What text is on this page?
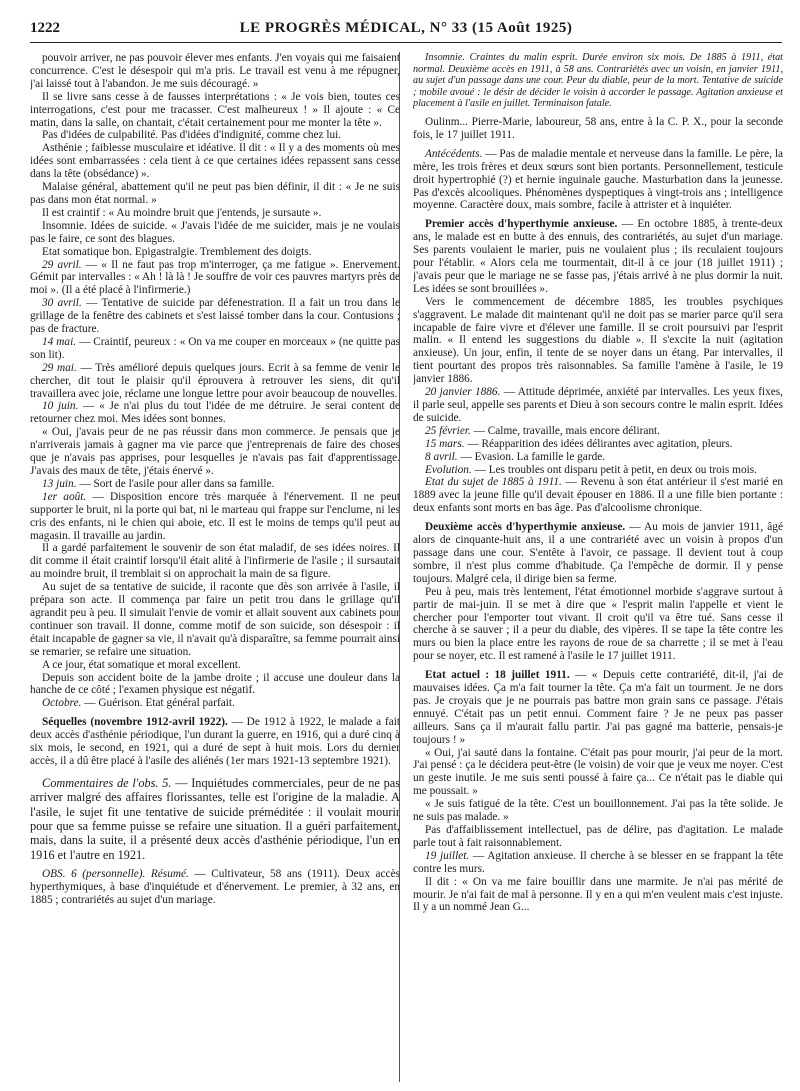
1222	LE PROGRÈS MÉDICAL, N° 33 (15 Août 1925)

pouvoir arriver, ne pas pouvoir élever mes enfants. J'en voyais qui me faisaient concurrence. C'est le désespoir qui m'a pris. Le travail est venu à me répugner, j'ai laissé tout à l'abandon. Je me suis découragé. »

Il se livre sans cesse à de fausses interprétations : « Je vois bien, toutes ces interrogations, c'est pour me tracasser. C'est malheureux ! » Il ajoute : « Ce matin, dans la salle, on chantait, c'était certainement pour me monter la tête ».

Pas d'idées de culpabilité. Pas d'idées d'indignité, comme chez lui.

Asthénie ; faiblesse musculaire et idéative. Il dit : « Il y a des moments où mes idées sont embarrassées : cela tient à ce que certaines idées repassent sans cesse dans la tête (obsédance) ».

Malaise général, abattement qu'il ne peut pas bien définir, il dit : « Je ne suis pas dans mon état normal. »

Il est craintif : « Au moindre bruit que j'entends, je sursaute ».

Insomnie. Idées de suicide. « J'avais l'idée de me suicider, mais je ne voulais pas le faire, ce sont des blagues.

Etat somatique bon. Epigastralgie. Tremblement des doigts.

29 avril. — « Il ne faut pas trop m'interroger, ça me fatigue ». Enervement. Gémit par intervalles : « Ah ! là là ! Je souffre de voir ces pauvres martyrs près de moi ». (Il a été placé à l'infirmerie.)

30 avril. — Tentative de suicide par défenestration. Il a fait un trou dans le grillage de la fenêtre des cabinets et s'est laissé tomber dans la cour. Contusions ; pas de fracture.

14 mai. — Craintif, peureux : « On va me couper en morceaux » (ne quitte pas son lit).

29 mai. — Très amélioré depuis quelques jours. Ecrit à sa femme de venir le chercher, dit tout le plaisir qu'il éprouvera à retrouver les siens, dit qu'il travaillera avec joie, réclame une longue lettre pour avoir beaucoup de nouvelles.

10 juin. — « Je n'ai plus du tout l'idée de me détruire. Je serai content de retourner chez moi. Mes idées sont bonnes.

« Oui, j'avais peur de ne pas réussir dans mon commerce. Je pensais que je n'arriverais jamais à gagner ma vie parce que j'entreprenais de faire des choses que je n'avais pas apprises, pour lesquelles je n'avais pas fait d'apprentissage. J'avais des maux de tête, j'étais énervé ».

13 juin. — Sort de l'asile pour aller dans sa famille.

1er août. — Disposition encore très marquée à l'énervement. Il ne peut supporter le bruit, ni la porte qui bat, ni le marteau qui frappe sur l'enclume, ni les cris des enfants, ni le chien qui aboie, etc. Il est le moins de temps qu'il peut au magasin. Il travaille au jardin.

Il a gardé parfaitement le souvenir de son état maladif, de ses idées noires. Il dit comme il était craintif lorsqu'il était alité à l'infirmerie de l'asile ; il sursautait au moindre bruit, il tremblait si on approchait la main de sa figure.

Au sujet de sa tentative de suicide, il raconte que dès son arrivée à l'asile, il prépara son acte. Il commença par faire un petit trou dans le grillage qu'il agrandit peu à peu. Il simulait l'envie de vomir et allait souvent aux cabinets pour continuer son travail. Il donne, comme motif de son suicide, son désespoir : il était incapable de gagner sa vie, il n'avait qu'à disparaître, sa femme pourrait ainsi se remarier, se refaire une situation.

A ce jour, état somatique et moral excellent.

Depuis son accident boite de la jambe droite ; il accuse une douleur dans la hanche de ce côté ; l'examen physique est négatif.

Octobre. — Guérison. Etat général parfait.

Séquelles (novembre 1912-avril 1922). — De 1912 à 1922, le malade a fait deux accès d'asthénie périodique, l'un durant la guerre, en 1916, qui a duré cinq à six mois, le second, en 1921, qui a duré de sept à huit mois. Lors du dernier accès, il a dû être placé à l'asile des aliénés (1er mars 1921-13 septembre 1921).

Commentaires de l'obs. 5. — Inquiétudes commerciales, peur de ne pas arriver malgré des affaires florissantes, telle est l'origine de la maladie. A l'asile, le sujet fit une tentative de suicide préméditée : il voulait mourir pour que sa femme puisse se refaire une situation. Il a guéri parfaitement, mais, dans la suite, il a présenté deux accès d'asthénie périodique, l'un en 1916 et l'autre en 1921.

OBS. 6 (personnelle). Résumé. — Cultivateur, 58 ans (1911). Deux accès hyperthymiques, à base d'inquiétude et d'énervement. Le premier, à 32 ans, en 1885 ; contrariétés au sujet d'un mariage.

Insomnie. Craintes du malin esprit. Durée environ six mois. De 1885 à 1911, état normal. Deuxième accès en 1911, à 58 ans. Contrariétés avec un voisin, en janvier 1911, au sujet d'un passage dans une cour. Peur du diable, peur de la mort. Tentative de suicide ; mobile avoué : le désir de décider le voisin à accorder le passage. Agitation anxieuse et placement à l'asile en juillet. Terminaison fatale.

Oulinm... Pierre-Marie, laboureur, 58 ans, entre à la C. P. X., pour la seconde fois, le 17 juillet 1911.

Antécédents. — Pas de maladie mentale et nerveuse dans la famille. Le père, la mère, les trois frères et deux sœurs sont bien portants. Personnellement, testicule droit hypertrophié (?) et hernie inguinale gauche. Masturbation dans la jeunesse. Pas d'excès alcooliques. Phénomènes dyspeptiques à vingt-trois ans ; intelligence moyenne. Caractère doux, mais sombre, facile à attrister et à inquiéter.

Premier accès d'hyperthymie anxieuse. — En octobre 1885, à trente-deux ans, le malade est en butte à des ennuis, des contrariétés, au sujet d'un mariage. Ses parents voulaient le marier, puis ne voulaient plus ; ils reculaient toujours pour l'établir. « Alors cela me tourmentait, dit-il à ce jour (18 juillet 1911) ; j'avais peur que le mariage ne se fasse pas, j'étais arrivé à ne plus dormir la nuit. Les idées se sont brouillées ».

Vers le commencement de décembre 1885, les troubles psychiques s'aggravent. Le malade dit maintenant qu'il ne doit pas se marier parce qu'il sera incapable de faire vivre et d'élever une famille. Il se croit poursuivi par l'esprit malin. « Il entend les suggestions du diable ». Il s'excite la nuit (agitation anxieuse). Un jour, enfin, il tente de se noyer dans un étang. Par intervalles, il tient pourtant des propos très raisonnables. Sa famille l'amène à l'asile, le 19 janvier 1886.

20 janvier 1886. — Attitude déprimée, anxiété par intervalles. Les yeux fixes, il parle seul, appelle ses parents et Dieu à son secours contre le malin esprit. Idées de suicide.

25 février. — Calme, travaille, mais encore délirant.

15 mars. — Réapparition des idées délirantes avec agitation, pleurs.

8 avril. — Evasion. La famille le garde.

Evolution. — Les troubles ont disparu petit à petit, en deux ou trois mois.

Etat du sujet de 1885 à 1911. — Revenu à son état antérieur il s'est marié en 1889 avec la jeune fille qu'il devait épouser en 1886. Il a une fille bien portante : deux enfants sont morts en bas âge. Pas d'alcoolisme chronique.

Deuxième accès d'hyperthymie anxieuse. — Au mois de janvier 1911, âgé alors de cinquante-huit ans, il a une contrariété avec un voisin à propos d'un passage dans une cour. S'entête à l'avoir, ce passage. Il devient tout à coup sombre, il n'est plus comme d'habitude. Ça l'empêche de dormir. Il y pense toujours. Malgré cela, il dirige bien sa ferme.

Peu à peu, mais très lentement, l'état émotionnel morbide s'aggrave surtout à partir de mai-juin. Il se met à dire que « l'esprit malin l'appelle et vient le chercher pour l'emporter tout vivant. Il croit qu'il va être tué. Sans cesse il cherche à se sauver ; il a peur du diable, des vipères. Il se tape la tête contre les murs ou bien la place entre les rayons de roue de sa charrette ; il se met à l'eau pour se noyer, etc. Il est ramené à l'asile le 17 juillet 1911.

Etat actuel : 18 juillet 1911. — « Depuis cette contrariété, dit-il, j'ai de mauvaises idées. Ça m'a fait tourner la tête. Ça m'a fait un tourment. Je ne dors pas. Je croyais que je ne pourrais pas battre mon grain sans ce passage. J'étais ennuyé. C'était pas un petit ennui. Comment faire ? Je ne peux pas passer ailleurs. Sans ça il m'aurait fallu partir. J'ai pas gagné ma batterie, pensais-je toujours ! »

« Oui, j'ai sauté dans la fontaine. C'était pas pour mourir, j'ai peur de la mort. J'ai pensé : ça le décidera peut-être (le voisin) de voir que je veux me noyer. C'est un geste inutile. Je me suis senti poussé à faire ça... Ce n'était pas le diable qui me poussait. »

« Je suis fatigué de la tête. C'est un bouillonnement. J'ai pas la tête solide. Je ne suis pas malade. »

Pas d'affaiblissement intellectuel, pas de délire, pas d'agitation. Le malade parle tout à fait raisonnablement.

19 juillet. — Agitation anxieuse. Il cherche à se blesser en se frappant la tête contre les murs.

Il dit : « On va me faire bouillir dans une marmite. Je n'ai pas mérité de mourir. Je n'ai fait de mal à personne. Il y en a qui m'en veulent mais c'est injuste. Il y a un nommé Jean G...
